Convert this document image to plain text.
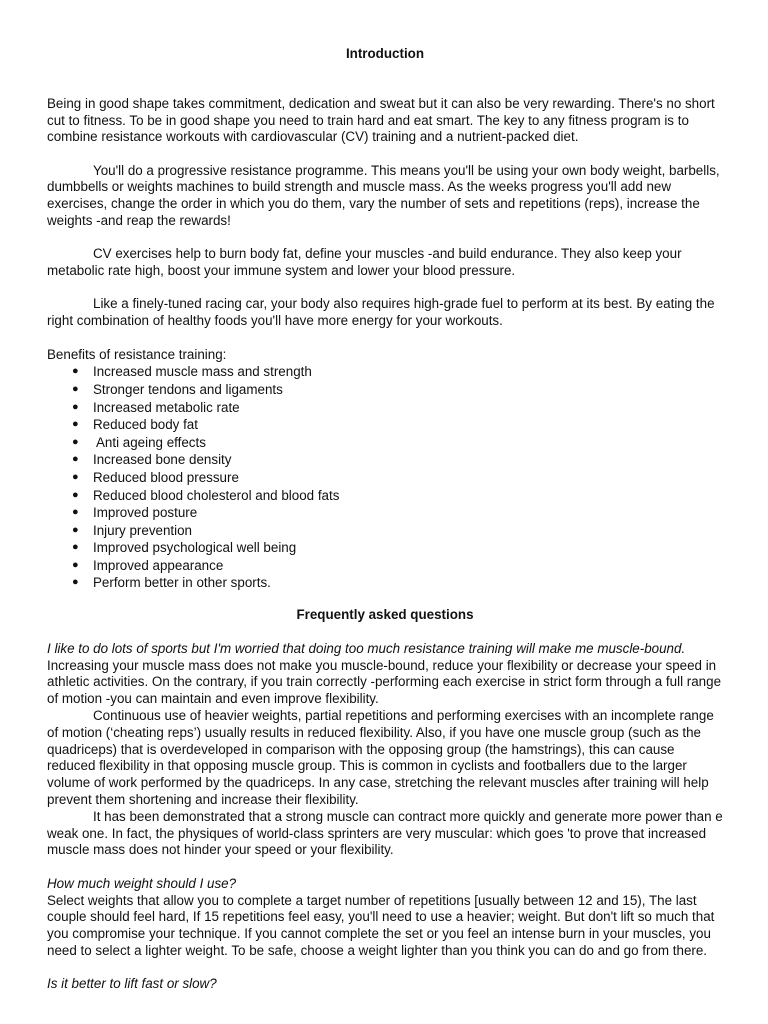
Introduction

Being in good shape takes commitment, dedication and sweat but it can also be very rewarding. There's no short cut to fitness. To be in good shape you need to train hard and eat smart. The key to any fitness program is to combine resistance workouts with cardiovascular (CV) training and a nutrient-packed diet.

You'll do a progressive resistance programme. This means you'll be using your own body weight, barbells, dumbbells or weights machines to build strength and muscle mass. As the weeks progress you'll add new exercises, change the order in which you do them, vary the number of sets and repetitions (reps), increase the weights -and reap the rewards!

CV exercises help to burn body fat, define your muscles -and build endurance. They also keep your metabolic rate high, boost your immune system and lower your blood pressure.

Like a finely-tuned racing car, your body also requires high-grade fuel to perform at its best. By eating the right combination of healthy foods you'll have more energy for your workouts.

Benefits of resistance training:
● Increased muscle mass and strength
● Stronger tendons and ligaments
● Increased metabolic rate
● Reduced body fat
● Anti ageing effects
● Increased bone density
● Reduced blood pressure
● Reduced blood cholesterol and blood fats
● Improved posture
● Injury prevention
● Improved psychological well being
● Improved appearance
● Perform better in other sports.
Frequently asked questions

I like to do lots of sports but I'm worried that doing too much resistance training will make me muscle-bound.

Increasing your muscle mass does not make you muscle-bound, reduce your flexibility or decrease your speed in athletic activities. On the contrary, if you train correctly -performing each exercise in strict form through a full range of motion -you can maintain and even improve flexibility.

Continuous use of heavier weights, partial repetitions and performing exercises with an incomplete range of motion (‘cheating reps’) usually results in reduced flexibility. Also, if you have one muscle group (such as the quadriceps) that is overdeveloped in comparison with the opposing group (the hamstrings), this can cause reduced flexibility in that opposing muscle group. This is common in cyclists and footballers due to the larger volume of work performed by the quadriceps. In any case, stretching the relevant muscles after training will help prevent them shortening and increase their flexibility.

It has been demonstrated that a strong muscle can contract more quickly and generate more power than e weak one. In fact, the physiques of world-class sprinters are very muscular: which goes 'to prove that increased muscle mass does not hinder your speed or your flexibility.

How much weight should I use?

Select weights that allow you to complete a target number of repetitions [usually between 12 and 15), The last couple should feel hard, If 15 repetitions feel easy, you'll need to use a heavier; weight. But don't lift so much that you compromise your technique. If you cannot complete the set or you feel an intense burn in your muscles, you need to select a lighter weight. To be safe, choose a weight lighter than you think you can do and go from there.

Is it better to lift fast or slow?
